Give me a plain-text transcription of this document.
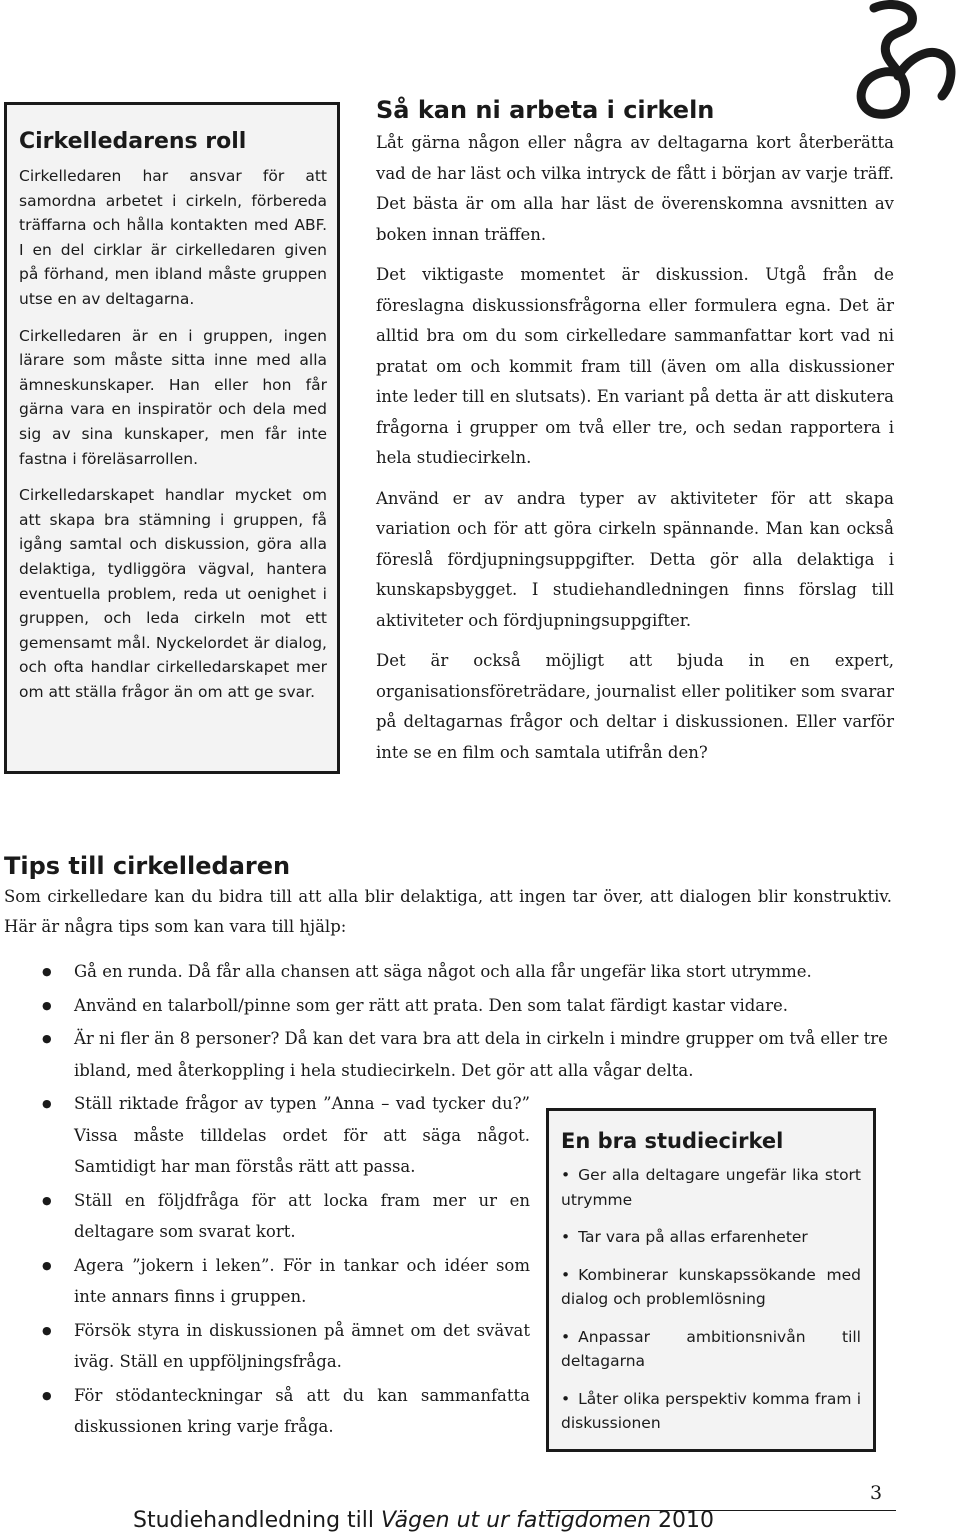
Cirkelledarens roll

Cirkelledaren har ansvar för att samordna arbetet i cirkeln, förbereda träffarna och hålla kontakten med ABF. I en del cirklar är cirkelledaren given på förhand, men ibland måste gruppen utse en av deltagarna.

Cirkelledaren är en i gruppen, ingen lärare som måste sitta inne med alla ämneskunskaper. Han eller hon får gärna vara en inspiratör och dela med sig av sina kunskaper, men får inte fastna i föreläsarrollen.

Cirkelledarskapet handlar mycket om att skapa bra stämning i gruppen, få igång samtal och diskussion, göra alla delaktiga, tydliggöra vägval, hantera eventuella problem, reda ut oenighet i gruppen, och leda cirkeln mot ett gemensamt mål. Nyckelordet är dialog, och ofta handlar cirkelledarskapet mer om att ställa frågor än om att ge svar.

Så kan ni arbeta i cirkeln

Låt gärna någon eller några av deltagarna kort återberätta vad de har läst och vilka intryck de fått i början av varje träff. Det bästa är om alla har läst de överenskomna avsnitten av boken innan träffen.

Det viktigaste momentet är diskussion. Utgå från de föreslagna diskussionsfrågorna eller formulera egna. Det är alltid bra om du som cirkelledare sammanfattar kort vad ni pratat om och kommit fram till (även om alla diskussioner inte leder till en slutsats). En variant på detta är att diskutera frågorna i grupper om två eller tre, och sedan rapportera i hela studiecirkeln.

Använd er av andra typer av aktiviteter för att skapa variation och för att göra cirkeln spännande. Man kan också föreslå fördjupningsuppgifter. Detta gör alla delaktiga i kunskapsbygget. I studiehandledningen finns förslag till aktiviteter och fördjupningsuppgifter.

Det är också möjligt att bjuda in en expert, organisationsföreträdare, journalist eller politiker som svarar på deltagarnas frågor och deltar i diskussionen. Eller varför inte se en film och samtala utifrån den?

Tips till cirkelledaren

Som cirkelledare kan du bidra till att alla blir delaktiga, att ingen tar över, att dialogen blir konstruktiv. Här är några tips som kan vara till hjälp:

● Gå en runda. Då får alla chansen att säga något och alla får ungefär lika stort utrymme.
● Använd en talarboll/pinne som ger rätt att prata. Den som talat färdigt kastar vidare.
● Är ni fler än 8 personer? Då kan det vara bra att dela in cirkeln i mindre grupper om två eller tre ibland, med återkoppling i hela studiecirkeln. Det gör att alla vågar delta.
● Ställ riktade frågor av typen ”Anna – vad tycker du?” Vissa måste tilldelas ordet för att säga något. Samtidigt har man förstås rätt att passa.
● Ställ en följdfråga för att locka fram mer ur en deltagare som svarat kort.
● Agera ”jokern i leken”. För in tankar och idéer som inte annars finns i gruppen.
● Försök styra in diskussionen på ämnet om det svävat iväg. Ställ en uppföljningsfråga.
● För stödanteckningar så att du kan sammanfatta diskussionen kring varje fråga.
En bra studiecirkel
• Ger alla deltagare ungefär lika stort utrymme
• Tar vara på allas erfarenheter
• Kombinerar kunskapssökande med dialog och problemlösning
• Anpassar ambitionsnivån till deltagarna
• Låter olika perspektiv komma fram i diskussionen
3
Studiehandledning till Vägen ut ur fattigdomen 2010
